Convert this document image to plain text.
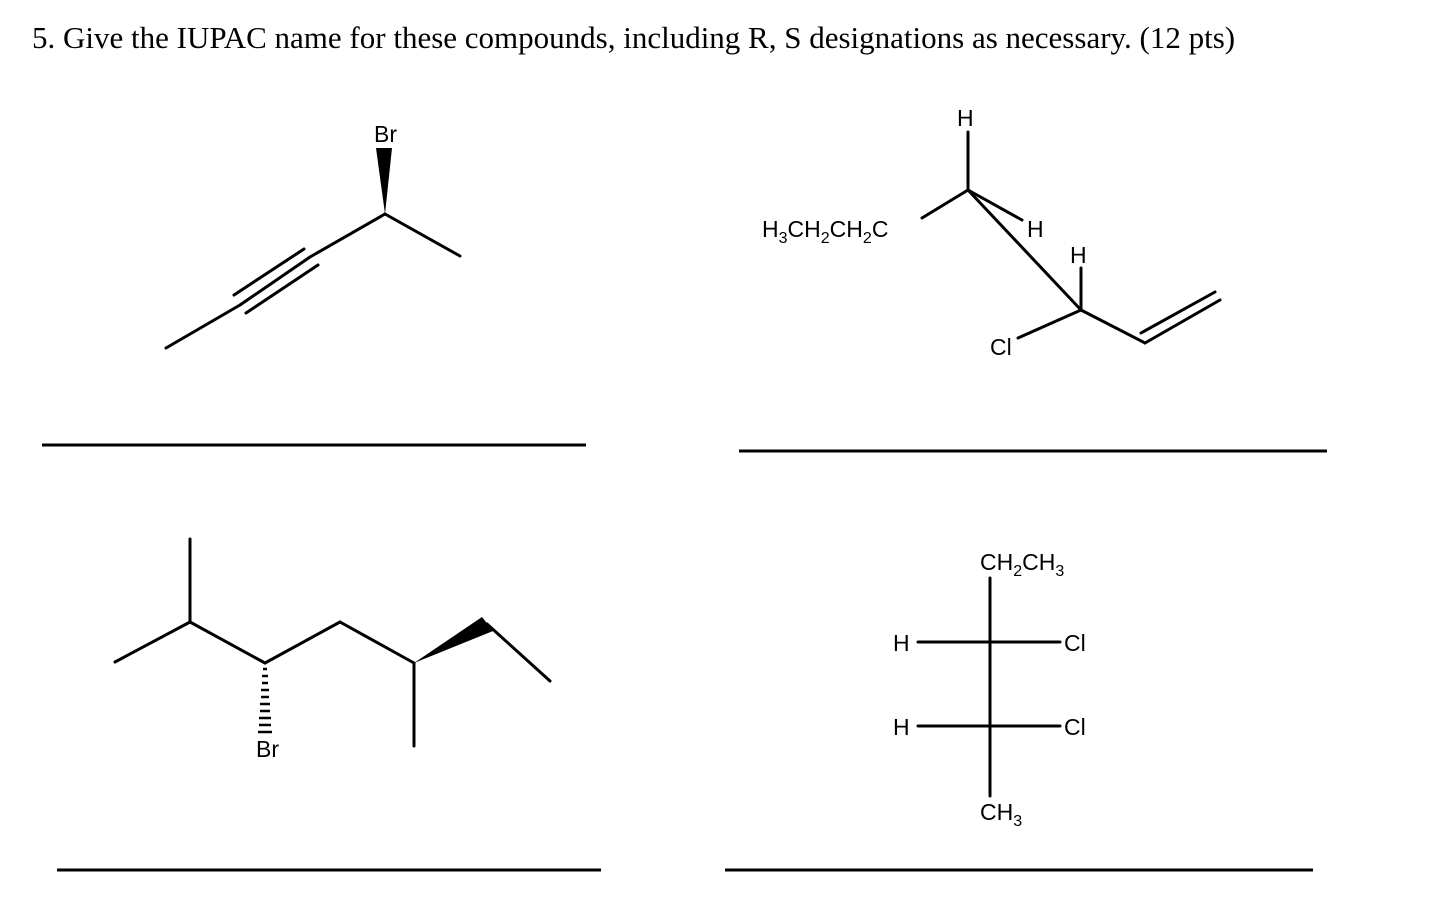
5. Give the IUPAC name for these compounds, including R, S designations as necessary. (12 pts)
Br
$H_3CH_2CH_2C$
H
H
H
Cl
Br
$CH_2CH_3$
H	Cl
H	Cl
$CH_3$
